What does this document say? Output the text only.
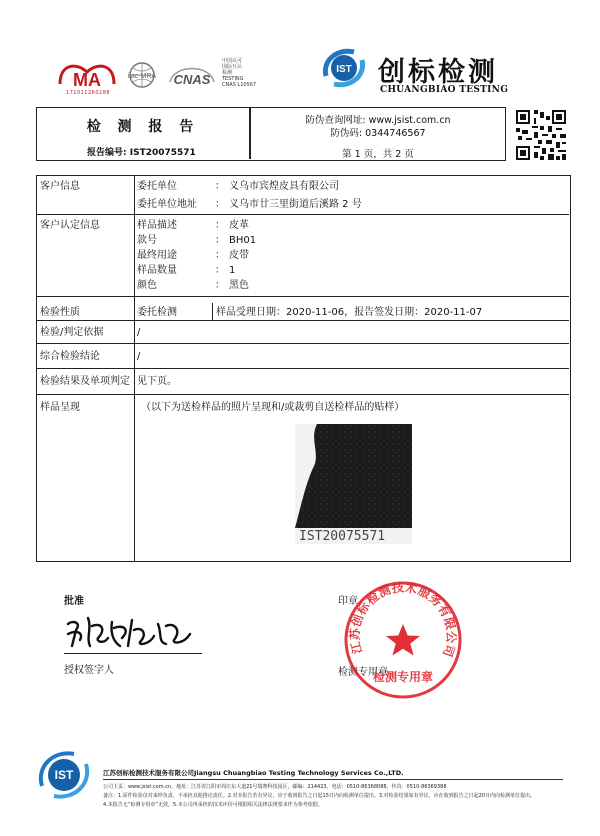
MA
171011260288
ilac-MRA CNAS
中国认可
国际互认
检测
TESTING
CNAS L10567
IST 创标检测
CHUANGBIAO TESTING
检 测 报 告
报告编号: IST20075571
防伪查询网址: www.jsist.com.cn
防伪码: 0344746567
第 1 页，共 2 页
客户信息	委托单位	： 义乌市宾煌皮具有限公司
委托单位地址 ： 义乌市廿三里街道后溪路 2 号
客户认定信息	样品描述	： 皮革
款号	： BH01
最终用途	： 皮带
样品数量	： 1
颜色	： 黑色
检验性质	委托检测	样品受理日期：2020-11-06，报告签发日期：2020-11-07
检验/判定依据	/
综合检验结论	/
检验结果及单项判定 见下页。
样品呈现	（以下为送检样品的照片呈现和/或裁剪自送检样品的贴样）
IST20075571
批准
授权签字人
印章
检测专用章
江苏创标检测技术服务有限公司
检测专用章
IST	江苏创标检测技术服务有限公司Jiangsu Chuangbiao Testing Technology Services Co.,LTD.
公司主页：www.jsist.com.cn，地址：江苏省江阴市周庄东大道21号瑞赛科技园区，邮编：214423，电话：0510-86368088，传真：0510-86369388
备注：1.原件检验仅对来样负责，不承担其他推论责任。2.对本报告若有异议，应于收到报告之日起15日内向检测单位提出。3.对检验结果如有异议，应在收到报告之日起20日内向检测单位提出。
4.本报告无“检测专用章”无效。5.本公司再承担的技术评价可根据相关法律法规要求作为参考依据。
